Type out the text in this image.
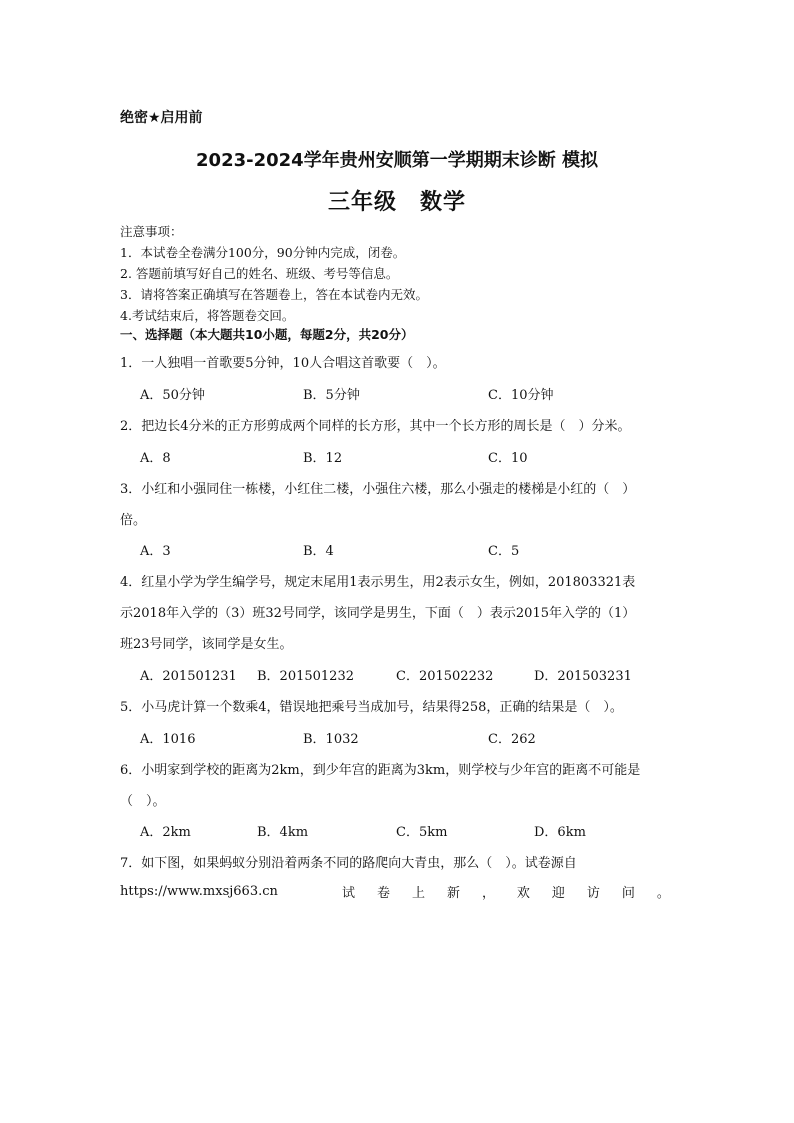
绝密★启用前
2023-2024学年贵州安顺第一学期期末诊断 模拟
三年级　数学
注意事项：
1．本试卷全卷满分100分，90分钟内完成，闭卷。
2. 答题前填写好自己的姓名、班级、考号等信息。
3．请将答案正确填写在答题卷上，答在本试卷内无效。
4.考试结束后，将答题卷交回。
一、选择题（本大题共10小题，每题2分，共20分）
1．一人独唱一首歌要5分钟，10人合唱这首歌要（　）。
A．50分钟	B．5分钟	C．10分钟
2．把边长4分米的正方形剪成两个同样的长方形，其中一个长方形的周长是（　）分米。
A．8	B．12	C．10
3．小红和小强同住一栋楼，小红住二楼，小强住六楼，那么小强走的楼梯是小红的（　）
倍。
A．3	B．4	C．5
4．红星小学为学生编学号，规定末尾用1表示男生，用2表示女生，例如，201803321表
示2018年入学的（3）班32号同学，该同学是男生，下面（　）表示2015年入学的（1）
班23号同学，该同学是女生。
A．201501231 B．201501232	C．201502232	D．201503231
5．小马虎计算一个数乘4，错误地把乘号当成加号，结果得258，正确的结果是（　）。
A．1016	B．1032	C．262
6．小明家到学校的距离为2km，到少年宫的距离为3km，则学校与少年宫的距离不可能是
（　）。
A．2km	B．4km	C．5km	D．6km
7．如下图，如果蚂蚁分别沿着两条不同的路爬向大青虫，那么（　）。试卷源自
https://www.mxsj663.cn	试 卷 上 新 ， 欢 迎 访 问 。
